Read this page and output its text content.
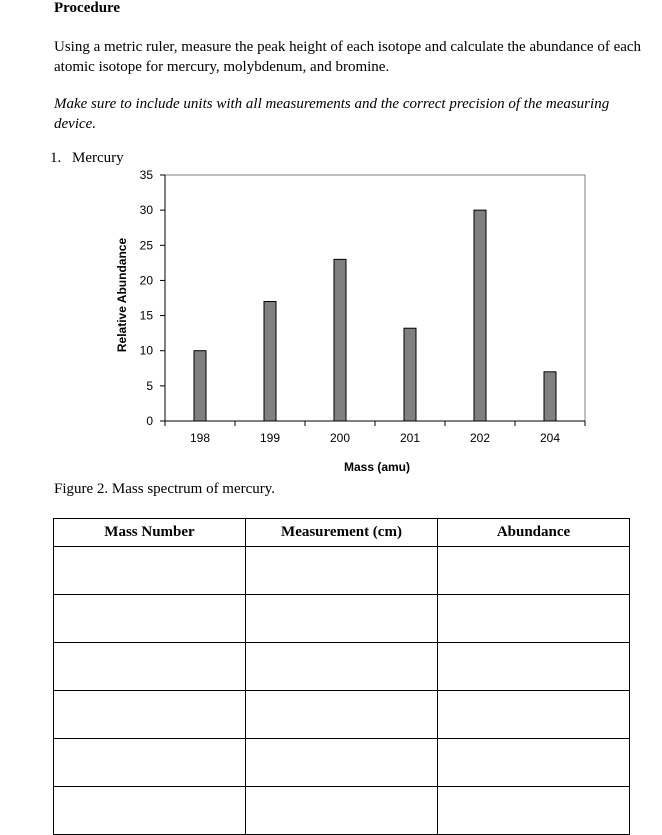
Procedure
Using a metric ruler, measure the peak height of each isotope and calculate the abundance of each atomic isotope for mercury, molybdenum, and bromine.
Make sure to include units with all measurements and the correct precision of the measuring device.
1. Mercury
0
5
10
15
20
25
30
35
198	199	200	201	202	204
Relative Abundance
Mass (amu)
Figure 2. Mass spectrum of mercury.
Mass Number	Measurement (cm)	Abundance
